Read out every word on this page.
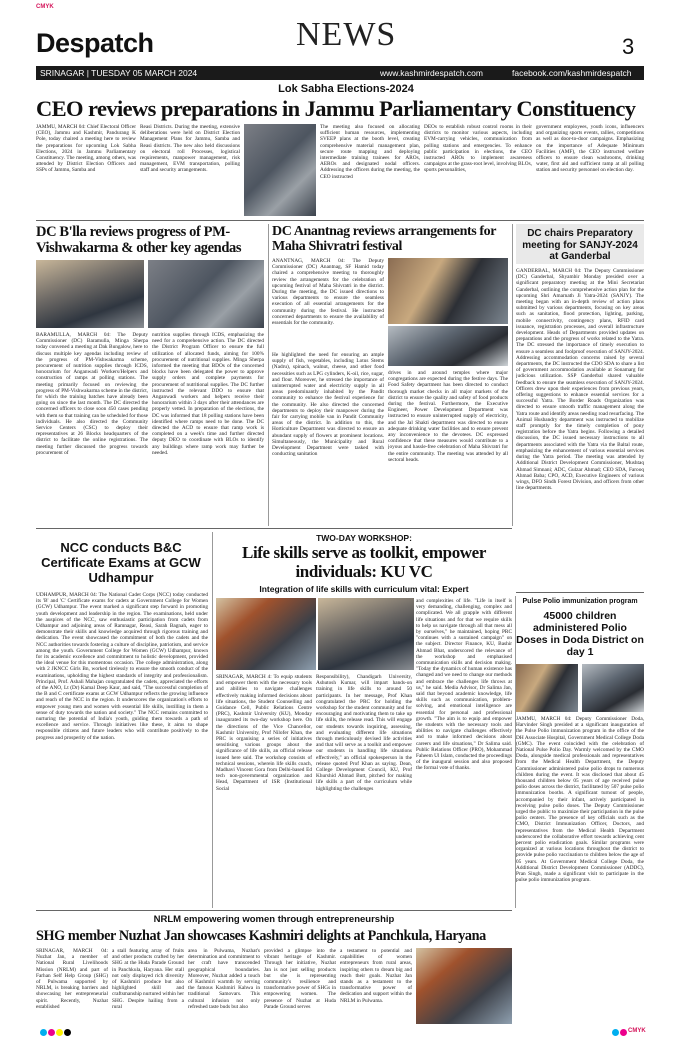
CMYK
CMYK
Despatch	NEWS	3
SRINAGAR | TUESDAY 05 MARCH 2024	www.kashmirdespatch.com	facebook.com/kashmirdespatch
Lok Sabha Elections-2024
CEO reviews preparations in Jammu Parliamentary Constituency
JAMMU, MARCH 04: Chief Electoral Officer (CEO), Jammu and Kashmir, Pandurang K Pole, today chaired a meeting here to review the preparations for upcoming Lok Sabha Elections, 2024 in Jammu Parliamentary Constituency. The meeting, among others, was attended by District Election Officers and SSPs of Jammu, Samba and
Reasi Districts. During the meeting, extensive deliberations were held on District Election Management Plans for Jammu, Samba and Reasi districts. The new also held discussions on electoral roll Processes, logistical requirements, manpower management, risk management, EVM transportation, polling staff and security arrangements.
The meeting also focused on allocating sufficient human resources, implementing SVEEP plans at the booth level, creating comprehensive material management plan, secure route mapping and deploying intermediate training trainees for AROs, AEROs and designated nodal officers. Addressing the officers during the meeting, the CEO instructed
DEOs to establish robust control rooms in their districts to monitor various aspects, including EVM-carrying vehicles, communication from polling stations and emergencies. To enhance public participation in elections, the CEO instructed AROs to implement awareness campaigns at the grass-root level, involving BLOs, sports personalities,
government employees, youth icons, influencers and organizing sports events, rallies, competitions as well as door-to-door campaigns. Emphasizing on the importance of Adequate Minimum Facilities (AMF), the CEO instructed welfare officers to ensure clean washrooms, drinking water, first aid and sufficient ramp at all polling station and security personnel on election day.
DC B'lla reviews progress of PM-Vishwakarma & other key agendas
BARAMULLA, MARCH 04: The Deputy Commissioner (DC) Baramulla, Minga Sherpa today convened a meeting at Dak Bungalow, here to discuss multiple key agendas including review of the progress of PM-Vishwakarma scheme, procurement of nutrition supplies through ICDS, honorarium for Anganwadi Workers/Helpers and construction of ramps at polling stations. The meeting primarily focused on reviewing the progress of PM-Vishwakarma scheme in the district, for which the training batches have already been going on since the last month. The DC directed the concerned officers to close soon 450 cases pending with them so that training can be scheduled for those individuals. He also directed the Community Service Centers (CSC) to deploy their representatives at 26 Blocks headquarters of the district to facilitate the online registrations. The meeting further discussed the progress towards procurement of
nutrition supplies through ICDS, emphasizing the need for a comprehensive action. The DC directed the District Program Officer to ensure the full utilization of allocated funds, aiming for 100% procurement of nutritional supplies. Minga Sherpa informed the meeting that BDOs of the concerned blocks have been delegated the power to approve supply orders and complete payments for procurement of nutritional supplies. The DC further instructed the relevant DDO to ensure that Anganwadi workers and helpers receive their honorarium within 3 days after their attendances are properly vetted. In preparation of the elections, the DC was informed that 18 polling stations have been identified where ramps need to be done. The DC directed the ACD to ensure that ramp work is completed on a week's time and further directed deputy DEO to coordinate with BLOs to identify any buildings where ramp work may further be needed.
DC Anantnag reviews arrangements for Maha Shivratri festival
ANANTNAG, MARCH 04: The Deputy Commissioner (DC) Anantnag, SF Hamid today chaired a comprehensive meeting to thoroughly review the arrangements for the celebration of upcoming festival of Maha Shivratri in the district. During the meeting, the DC issued directions to various departments to ensure the seamless execution of all essential arrangements for the community during the festival. He instructed concerned departments to ensure the availability of essentials for the community.
He highlighted the need for ensuring an ample supply of fish, vegetables, including Lotus Stems (Nadru), spinach, walnut, cheese, and other food necessities such as LPG cylinders, K-oil, rice, sugar, and flour. Moreover, he stressed the importance of uninterrupted water and electricity supply in all areas predominantly inhabited by the Pandit community to enhance the festival experience for the community. He also directed the concerned departments to deploy their manpower during the fair for carrying mobile van in Pandit Community areas of the district. In addition to this, the Horticulture Department was directed to ensure an abundant supply of flowers at prominent locations. Simultaneously, the Municipality and Rural Development Department were tasked with conducting sanitation
drives in and around temples where major congregations are expected during the festive days. The Food Safety department has been directed to conduct thorough market checks in all major markets of the district to ensure the quality and safety of food products during the festival. Furthermore, the Executive Engineer, Power Development Department was instructed to ensure uninterrupted supply of electricity, and the Jal Shakti department was directed to ensure adequate drinking water facilities and to ensure prevent any inconvenience to the devotees. DC expressed confidence that these measures would contribute to a joyous and hassle-free celebration of Maha Shivratri for the entire community. The meeting was attended by all sectoral heads.
DC chairs Preparatory meeting for SANJY-2024 at Ganderbal
GANDERBAL, MARCH 04: The Deputy Commissioner (DC) Ganderbal, Shyambir Monday presided over a significant preparatory meeting at the Mini Secretariat Ganderbal, outlining the comprehensive action plan for the upcoming Shri Amarnath Ji Yatra-2024 (SANJY). The meeting began with an in-depth review of action plans submitted by various departments, focusing on key areas such as sanitation, flood protection, lighting, parking, mobile connectivity, contingency plans, RFID card issuance, registration processes, and overall infrastructure development. Heads of Departments provided updates on preparations and the progress of works related to the Yatra. The DC stressed the importance of timely execution to ensure a seamless and foolproof execution of SANJY-2024. Addressing accommodation concerns raised by several departments, the DC instructed the CDO SDA to share a list of government accommodation available at Sonamarg for judicious utilization. SSP Ganderbal shared valuable feedback to ensure the seamless execution of SANJY-2024. Officers drew upon their experiences from previous years, offering suggestions to enhance essential services for a successful Yatra. The Border Roads Organization was directed to ensure smooth traffic management along the Yatra route and identify areas needing road resurfacing. The Animal Husbandry department was instructed to mobilize staff promptly for the timely completion of pony registration before the Yatra begins. Following a detailed discussion, the DC issued necessary instructions to all departments associated with the Yatra via the Baltal route, emphasizing the enhancement of various essential services during the Yatra period. The meeting was attended by Additional District Development Commissioner, Mushtaq Ahmad Simnani; ADC, Gulzar Ahmad; CEO SDA, Farooq Ahmad Baba; CPO, ACD, Executive Engineers of various wings, DFO Sindh Forest Division, and officers from other line departments.
NCC conducts B&C Certificate Exams at GCW Udhampur
UDHAMPUR, MARCH 04: The National Cadet Corps (NCC) today conducted its 'B' and 'C' Certificate exams for cadets at Government College for Women (GCW) Udhampur. The event marked a significant step forward in promoting youth development and leadership in the region. The examinations, held under the auspices of the NCC, saw enthusiastic participation from cadets from Udhampur and adjoining areas of Ramnagar, Reasi, Sarah Bagnah, eager to demonstrate their skills and knowledge acquired through rigorous training and dedication. The event showcased the commitment of both the cadets and the NCC authorities towards fostering a culture of discipline, patriotism, and service among the youth. Government College for Women (GCW) Udhampur, known for its academic excellence and commitment to holistic development, provided the ideal venue for this momentous occasion. The college administration, along with 2 JKNCC Girls Bn, worked tirelessly to ensure the smooth conduct of the examinations, upholding the highest standards of integrity and professionalism. Principal, Prof. Ashali Mahajan congratulated the cadets, appreciated the efforts of the ANO, Lt (Dr) Kamal Deep Kaur, and said, "The successful completion of the B and C certificate exams at GCW Udhampur reflects the growing influence and reach of the NCC in the region. It underscores the organization's efforts to empower young men and women with essential life skills, instilling in them a sense of duty towards the nation and society." The NCC remains committed to nurturing the potential of India's youth, guiding them towards a path of excellence and service. Through initiatives like these, it aims to shape responsible citizens and future leaders who will contribute positively to the progress and prosperity of the nation.
TWO-DAY WORKSHOP:
Life skills serve as toolkit, empower individuals: KU VC
Integration of life skills with curriculum vital: Expert
SRINAGAR, MARCH 4: To equip students and empower them with the necessary tools and abilities to navigate challenges effectively making informed decisions about life situations, the Student Counselling and Guidance Cell, Public Relations Centre (PRC), Kashmir University (KU), Monday inaugurated its two-day workshop here. On the directions of the Vice Chancellor, Kashmir University, Prof Nilofer Khan, the PRC is organising a series of initiatives sensitising various groups about the significance of life skills, an official release issued here said. The workshop consists of technical sessions, wherein life skills coach, Madhavi Vincent Gora from Delhi-based Ed tech non-governmental organization and Head, Department of ISR (Institutional Social
Responsibility), Chandigarh University, Ashutosh Kumar, will impart hands-on training in life skills to around 50 participants. In her message, Prof Khan congratulated the PRC for holding the workshop for the student community and for encouraging and motivating them to take up life skills, the release read. This will engage our students towards inquiring, assessing, and evaluating different life situations through meticulously devised life activities and that will serve as a toolkit and empower our students in handling life situations effectively," an official spokesperson in the release quoted Prof Khan as saying. Dean, College Development Council, KU, Prof Khurshid Ahmad Butt, pitched for making life skills a part of the curriculum while highlighting the challenges
and complexities of life. "Life in itself is very demanding, challenging, complex and complicated. We all grapple with different life situations and for that we require skills to help us navigate through all that mess all by ourselves," he maintained, hoping PRC "continues with a sustained campaign" on the subject. Director Finance, KU, Bashir Ahmad Bhat, underscored the relevance of the workshop and emphasised communication skills and decision making. "Today the dynamics of human existence has changed and we need to change our methods and embrace the challenges life throws at us," he said. Media Advisor, Dr Salima Jan, said that beyond academic knowledge, life skills such as communication, problem-solving, and emotional intelligence are essential for personal and professional growth. "The aim is to equip and empower the students with the necessary tools and abilities to navigate challenges effectively and to make informed decisions about careers and life situations," Dr Salima said. Public Relations Officer (PRO), Mohammad Faheem Ul Islam, conducted the proceedings of the inaugural session and also proposed the formal vote of thanks.
Pulse Polio immunization program
45000 children administered Polio Doses in Doda District on day 1
JAMMU, MARCH 04: Deputy Commissioner Doda, Harvinder Singh presided at a significant inauguration of the Pulse Polio immunization program in the office of the DH Associate Hospital, Government Medical College Doda (GMC). The event coincided with the celebration of National Pulse Polio Day. Warmly welcomed by the CMO Doda, alongside medical professionals and representatives from the Medical Health Department, the Deputy Commissioner administered pulse polio drops to numerous children during the event. It was disclosed that about 45 thousand children below 05 years of age received pulse polio doses across the district, facilitated by 507 pulse polio immunization booths. A significant turnout of people, accompanied by their infant, actively participated in receiving pulse polio doses. The Deputy Commissioner urged the public to maximize their participation in the pulse polio centers. The presence of key officials such as the CMO, District Immunization Officer, Doctors, and representatives from the Medical Health Department underscored the collaborative effort towards achieving cent percent polio eradication goals. Similar programs were organized at various locations throughout the district to provide pulse polio vaccination to children below the age of 05 years. At Government Medical College Doda, the Additional District Development Commissioner (ADDC), Pran Singh, made a significant visit to participate in the pulse polio immunization program.
NRLM empowering women through entrepreneurship
SHG member Nuzhat Jan showcases Kashmiri delights at Panchkula, Haryana
SRINAGAR, MARCH 04: Nuzhat Jan, a member of National Rural Livelihoods Mission (NRLM) and part of Farhan Self Help Group (SHG) of Pulwama supported by NRLM, is breaking barriers and showcasing her entrepreneurial spirit. Recently, Nuzhat established
a stall featuring array of fruits and other products crafted by her SHG at the Huda Parade Ground in Panchkula, Haryana. Her stall not only displayed rich diversity of Kashmiri produce but also highlighted skill and craftsmanship nurtured within her SHG. Despite hailing from a rural
area in Pulwama, Nuzhat's determination and commitment to her craft have transcended geographical boundaries. Moreover, Nuzhat added a touch of Kashmiri warmth by serving the famous Kashmiri Kahwa in traditional Samovars. This cultural infusion not only refreshed taste buds but also
provided a glimpse into the vibrant heritage of Kashmir. Through her initiative, Nuzhat Jan is not just selling products but she is representing community's resilience and transformative power of SHGs in empowering women. The presence of Nuzhat at Huda Parade Ground serves
a testament to potential and capabilities of women entrepreneurs from rural areas, inspiring others to dream big and reach their goals. Nuzhat Jan stands as a testament to the transformative power of dedication and support within the NRLM in Pulwama.
